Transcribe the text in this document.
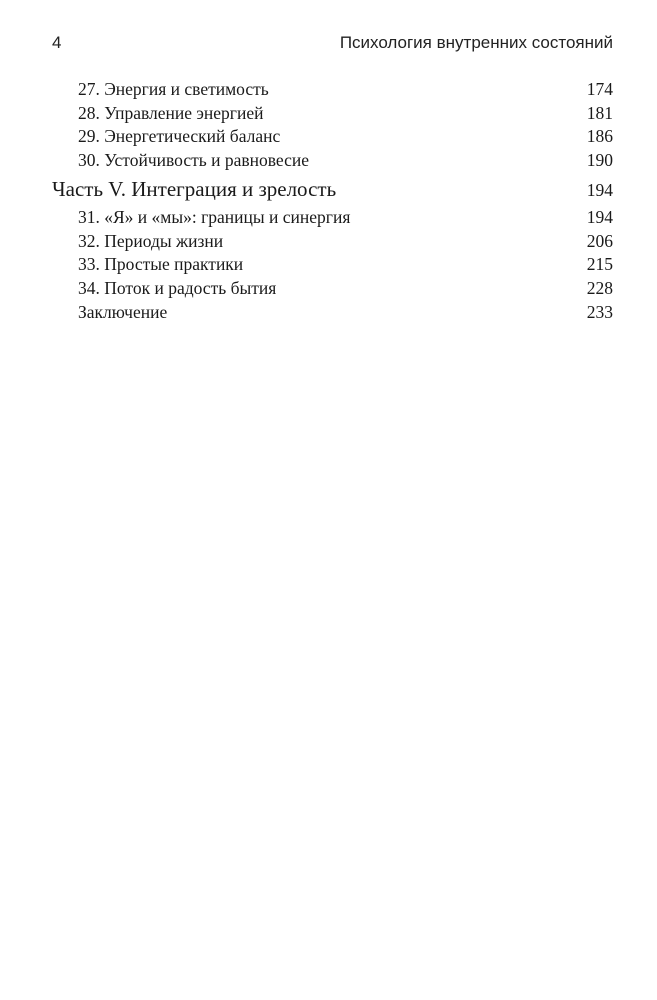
4	Психология внутренних состояний
27. Энергия и светимость	174
28. Управление энергией	181
29. Энергетический баланс	186
30. Устойчивость и равновесие	190
Часть V. Интеграция и зрелость	194
31. «Я» и «мы»: границы и синергия	194
32. Периоды жизни	206
33. Простые практики	215
34. Поток и радость бытия	228
Заключение	233
